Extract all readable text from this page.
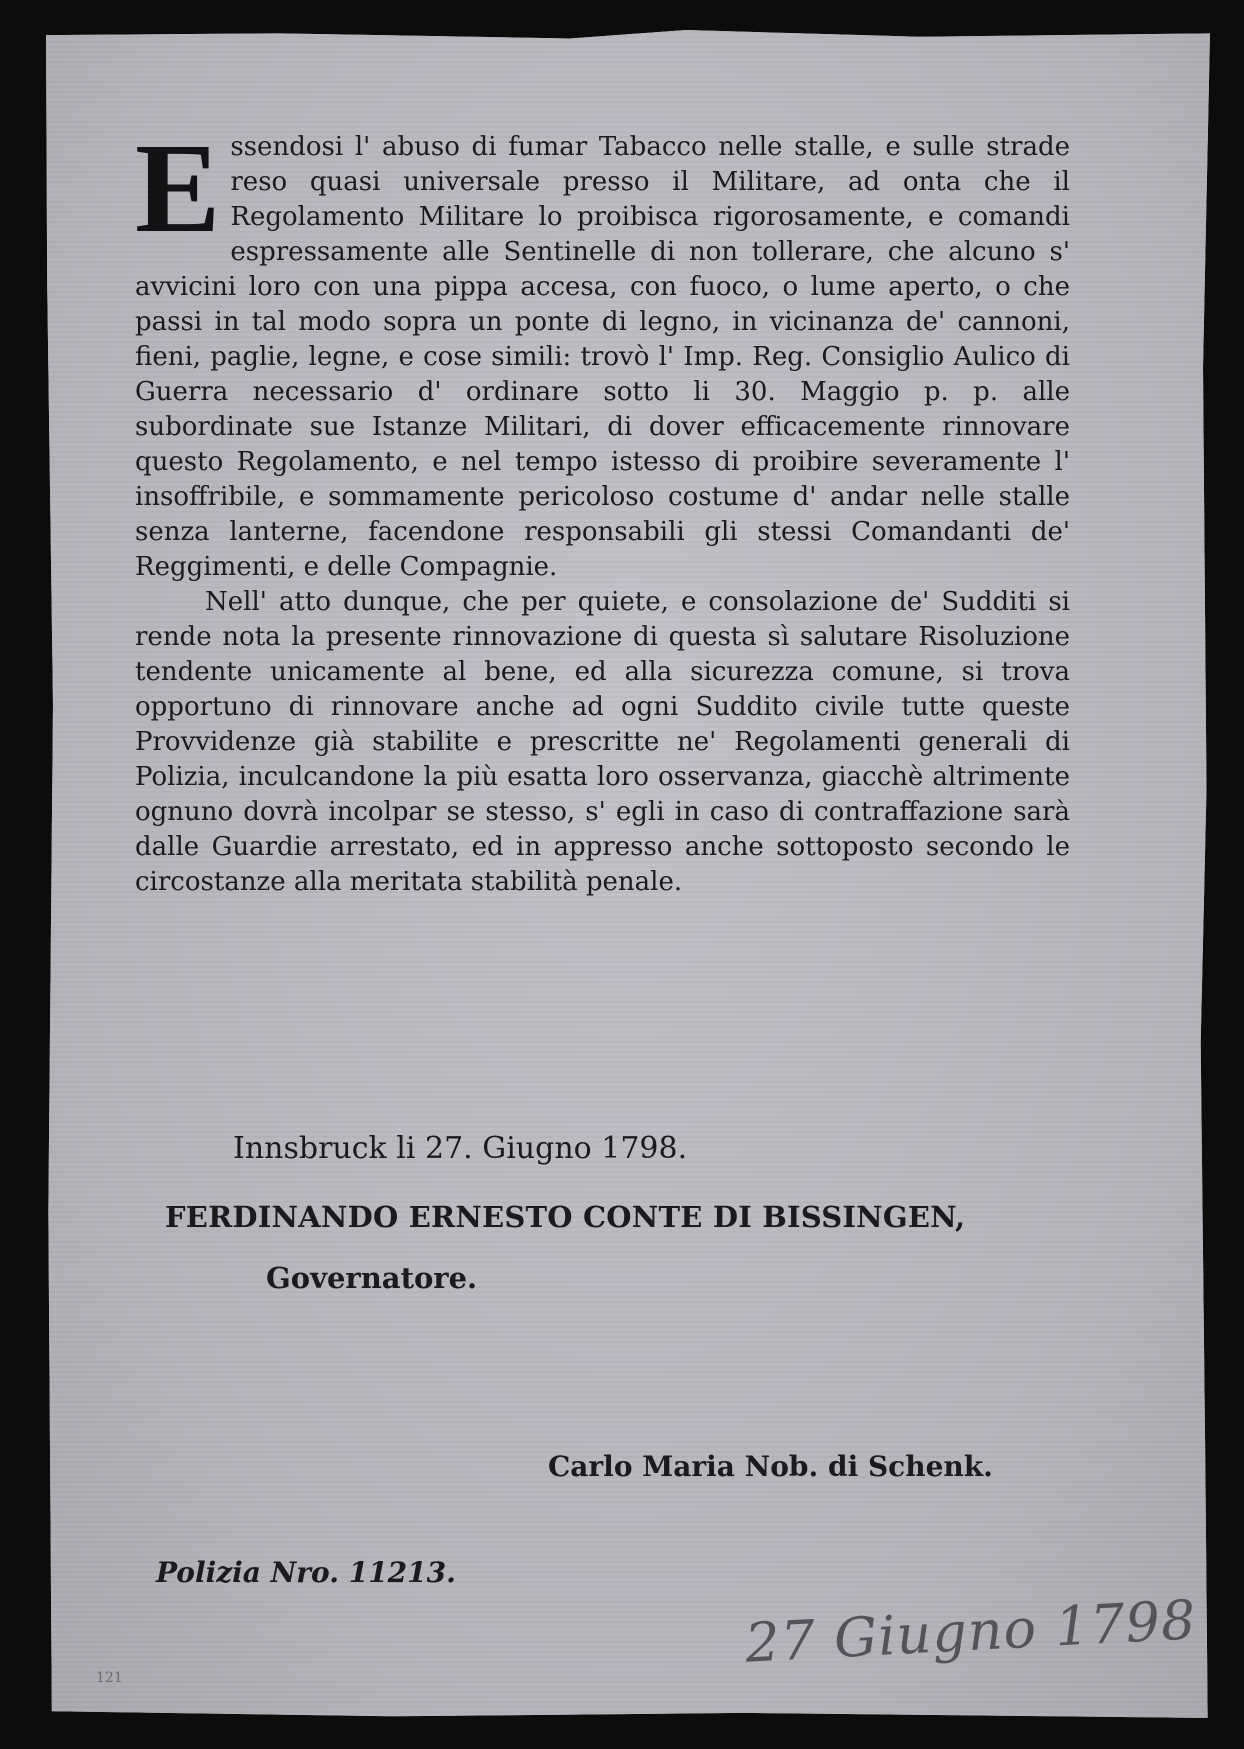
Essendosi l' abuso di fumar Tabacco nelle stalle, e sulle strade reso quasi universale presso il Militare, ad onta che il Regolamento Militare lo proibisca rigorosamente, e comandi espressamente alle Sentinelle di non tollerare, che alcuno s' avvicini loro con una pippa accesa, con fuoco, o lume aperto, o che passi in tal modo sopra un ponte di legno, in vicinanza de' cannoni, fieni, paglie, legne, e cose simili: trovò l' Imp. Reg. Consiglio Aulico di Guerra necessario d' ordinare sotto li 30. Maggio p. p. alle subordinate sue Istanze Militari, di dover efficacemente rinnovare questo Regolamento, e nel tempo istesso di proibire severamente l' insoffribile, e sommamente pericoloso costume d' andar nelle stalle senza lanterne, facendone responsabili gli stessi Comandanti de' Reggimenti, e delle Compagnie.

Nell' atto dunque, che per quiete, e consolazione de' Sudditi si rende nota la presente rinnovazione di questa sì salutare Risoluzione tendente unicamente al bene, ed alla sicurezza comune, si trova opportuno di rinnovare anche ad ogni Suddito civile tutte queste Provvidenze già stabilite e prescritte ne' Regolamenti generali di Polizia, inculcandone la più esatta loro osservanza, giacchè altrimente ognuno dovrà incolpar se stesso, s' egli in caso di contraffazione sarà dalle Guardie arrestato, ed in appresso anche sottoposto secondo le circostanze alla meritata stabilità penale.

Innsbruck li 27. Giugno 1798.
FERDINANDO ERNESTO CONTE DI BISSINGEN,
Governatore.
Carlo Maria Nob. di Schenk.
Polizia Nro. 11213.
27 Giugno 1798
121
